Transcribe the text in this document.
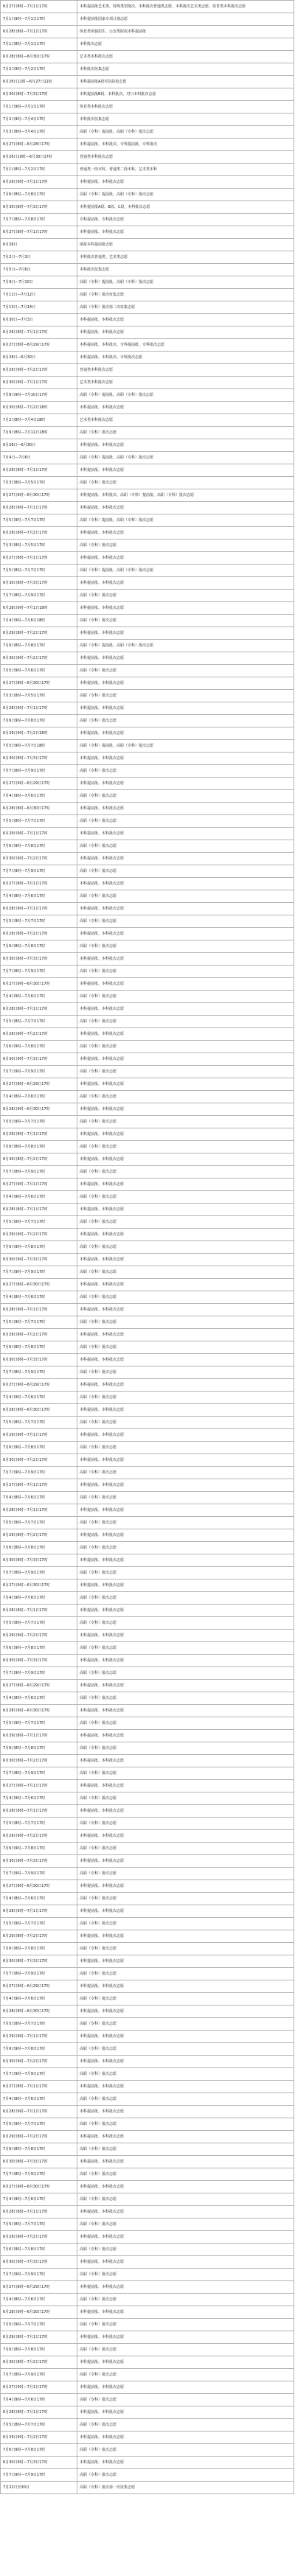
6月27日8时—7月1日17时	本科提前批艺术类、特殊类型批次、本科批次普通类志愿、本科批次艺术类志愿、体育类本科批次志愿
7月1日9时—7月1日17时	本科提前批国家专项计划志愿
6月28日8时—7月1日17时	体育类单独招生、公安类院校本科提前批
7月1日8时—7月1日17时	本科批次志愿
6月28日8时—6月30日17时	艺术类本科批次志愿
7月2日9时—7月2日17时	本科批次征集志愿
6月26日12时—6月27日12时	本科提前批A段军队院校志愿
6月30日8时—7月3日17时	本科提前批B段、本科批次、对口本科批次志愿
7月1日9时—7月1日17时	体育类本科批次志愿
7月2日9时—7月4日17时	本科批次征集志愿
7月3日8时—7月4日17时	高职（专科）提前批、高职（专科）批次志愿
6月27日8时—6月28日17时	本科提前批、本科批次、专科提前批、专科批次
6月26日10时—6月30日17时	普通类本科批次志愿
7月1日8时—7月2日17时	普通类一段本科，普通类二段本科，艺术类本科
6月29日9时—7月1日17时	本科提前批、本科批次志愿
7月6日8时—7月8日17时	高职（专科）提前批、高职（专科）批次志愿
6月30日8时—7月3日17时	本科提前批A段、B段、C段，本科批次志愿
7月7日8时—7月8日17时	专科提前批、专科批次志愿
6月27日8时—7月1日17时	本科提前批、本科批次志愿
6月26日	填报本科提前批志愿
7月2日—7月3日	本科批次普通类、艺术类志愿
7月5日—7月6日	本科批次征集志愿
7月9日—7月10日	高职（专科）提前批、高职（专科）批次志愿
7月11日—7月12日	高职（专科）批次征集志愿
7月13日—7月14日	高职（专科）批次第二次征集志愿
6月30日—7月3日	本科提前批、本科批次志愿
6月26日8时—7月1日17时	本科提前批、本科批次志愿
6月27日8时—6月29日17时	本科提前批、本科批次、专科提前批、专科批次志愿
6月28日—6月30日	本科提前批、本科批次、专科批次志愿
6月29日9时—7月2日17时	普通类本科批次志愿
6月30日9时—7月1日17时	艺术类本科批次志愿
7月8日9时—7月10日17时	高职（专科）提前批、高职（专科）批次志愿
6月30日8时—7月2日18时	本科提前批、本科批次志愿
7月2日8时—7月4日18时	艺术类本科批次志愿
7月9日8时—7月11日18时	高职（专科）批次志愿
6月28日—6月30日	本科提前批、本科批次志愿
7月4日—7月6日	高职（专科）提前批、高职（专科）批次志愿
6月29日8时—7月1日17时	本科提前批、本科批次志愿
7月3日8时—7月5日17时	高职（专科）批次志愿
6月27日9时—6月30日17时	本科提前批、本科批次、高职（专科）提前批、高职（专科）批次志愿
6月28日9时—7月1日17时	本科提前批、本科批次志愿
7月5日9时—7月7日17时	高职（专科）提前批、高职（专科）批次志愿
6月29日8时—7月2日17时	本科提前批、本科批次志愿
7月3日8时—7月5日17时	高职（专科）批次志愿
6月27日8时—7月1日17时	本科提前批、本科批次志愿
7月5日8时—7月7日17时	高职（专科）提前批、高职（专科）批次志愿
6月30日8时—7月3日17时	本科提前批、本科批次志愿
7月7日8时—7月9日17时	高职（专科）批次志愿
6月28日9时—7月1日18时	本科提前批、本科批次志愿
7月4日9时—7月6日18时	高职（专科）批次志愿
6月29日8时—7月2日17时	本科提前批、本科批次志愿
7月6日8时—7月8日17时	高职（专科）提前批、高职（专科）批次志愿
6月30日9时—7月2日17时	本科提前批、本科批次志愿
7月5日9时—7月6日17时	高职（专科）批次志愿
6月27日8时—6月30日17时	本科提前批、本科批次志愿
7月3日8时—7月5日17时	高职（专科）批次志愿
6月28日9时—7月1日17时	本科提前批、本科批次志愿
7月6日9时—7月8日17时	高职（专科）批次志愿
6月29日9时—7月2日18时	本科提前批、本科批次志愿
7月5日9时—7月7日18时	高职（专科）提前批、高职（专科）批次志愿
6月30日8时—7月3日17时	本科提前批、本科批次志愿
7月7日8时—7月9日17时	高职（专科）批次志愿
6月27日9时—6月29日17时	本科提前批、本科批次志愿
7月4日9时—7月6日17时	高职（专科）批次志愿
6月28日8时—6月30日17时	本科提前批、本科批次志愿
7月5日8时—7月7日17时	高职（专科）批次志愿
6月29日9时—7月1日17时	本科提前批、本科批次志愿
7月6日9时—7月8日17时	高职（专科）批次志愿
6月30日9时—7月2日17时	本科提前批、本科批次志愿
7月7日9时—7月9日17时	高职（专科）批次志愿
6月27日8时—7月1日17时	本科提前批、本科批次志愿
7月4日8时—7月6日17时	高职（专科）批次志愿
6月28日9时—7月1日17时	本科提前批、本科批次志愿
7月5日9时—7月7日17时	高职（专科）批次志愿
6月29日8时—7月2日17时	本科提前批、本科批次志愿
7月6日8时—7月8日17时	高职（专科）批次志愿
6月30日8时—7月3日17时	本科提前批、本科批次志愿
7月7日8时—7月9日17时	高职（专科）批次志愿
6月27日9时—6月30日17时	本科提前批、本科批次志愿
7月4日9时—7月6日17时	高职（专科）批次志愿
6月28日8时—7月1日17时	本科提前批、本科批次志愿
7月5日8时—7月7日17时	高职（专科）批次志愿
6月29日9时—7月2日17时	本科提前批、本科批次志愿
7月6日9时—7月8日17时	高职（专科）批次志愿
6月30日9时—7月3日17时	本科提前批、本科批次志愿
7月7日9时—7月9日17时	高职（专科）批次志愿
6月27日8时—6月29日17时	本科提前批、本科批次志愿
7月4日8时—7月6日17时	高职（专科）批次志愿
6月28日9时—6月30日17时	本科提前批、本科批次志愿
7月5日9时—7月7日17时	高职（专科）批次志愿
6月29日8时—7月1日17时	本科提前批、本科批次志愿
7月6日8时—7月8日17时	高职（专科）批次志愿
6月30日8时—7月2日17时	本科提前批、本科批次志愿
7月7日8时—7月9日17时	高职（专科）批次志愿
6月27日9时—7月1日17时	本科提前批、本科批次志愿
7月4日9时—7月6日17时	高职（专科）批次志愿
6月28日8时—7月1日17时	本科提前批、本科批次志愿
7月5日8时—7月7日17时	高职（专科）批次志愿
6月29日9时—7月2日17时	本科提前批、本科批次志愿
7月6日9时—7月8日17时	高职（专科）批次志愿
6月30日9时—7月3日17时	本科提前批、本科批次志愿
7月7日9时—7月9日17时	高职（专科）批次志愿
6月27日8时—6月30日17时	本科提前批、本科批次志愿
7月4日8时—7月6日17时	高职（专科）批次志愿
6月28日9时—7月1日17时	本科提前批、本科批次志愿
7月5日9时—7月7日17时	高职（专科）批次志愿
6月29日8时—7月2日17时	本科提前批、本科批次志愿
7月6日8时—7月8日17时	高职（专科）批次志愿
6月30日8时—7月3日17时	本科提前批、本科批次志愿
7月7日8时—7月9日17时	高职（专科）批次志愿
6月27日9时—6月29日17时	本科提前批、本科批次志愿
7月4日9时—7月6日17时	高职（专科）批次志愿
6月28日8时—6月30日17时	本科提前批、本科批次志愿
7月5日8时—7月7日17时	高职（专科）批次志愿
6月29日9时—7月1日17时	本科提前批、本科批次志愿
7月6日9时—7月8日17时	高职（专科）批次志愿
6月30日9时—7月2日17时	本科提前批、本科批次志愿
7月7日9时—7月9日17时	高职（专科）批次志愿
6月27日8时—7月1日17时	本科提前批、本科批次志愿
7月4日8时—7月6日17时	高职（专科）批次志愿
6月28日9时—7月1日17时	本科提前批、本科批次志愿
7月5日9时—7月7日17时	高职（专科）批次志愿
6月29日8时—7月2日17时	本科提前批、本科批次志愿
7月6日8时—7月8日17时	高职（专科）批次志愿
6月30日8时—7月3日17时	本科提前批、本科批次志愿
7月7日8时—7月9日17时	高职（专科）批次志愿
6月27日9时—6月30日17时	本科提前批、本科批次志愿
7月4日9时—7月6日17时	高职（专科）批次志愿
6月28日8时—7月1日17时	本科提前批、本科批次志愿
7月5日8时—7月7日17时	高职（专科）批次志愿
6月29日9时—7月2日17时	本科提前批、本科批次志愿
7月6日9时—7月8日17时	高职（专科）批次志愿
6月30日9时—7月3日17时	本科提前批、本科批次志愿
7月7日9时—7月9日17时	高职（专科）批次志愿
6月27日8时—6月29日17时	本科提前批、本科批次志愿
7月4日8时—7月6日17时	高职（专科）批次志愿
6月28日9时—6月30日17时	本科提前批、本科批次志愿
7月5日9时—7月7日17时	高职（专科）批次志愿
6月29日8时—7月1日17时	本科提前批、本科批次志愿
7月6日8时—7月8日17时	高职（专科）批次志愿
6月30日8时—7月2日17时	本科提前批、本科批次志愿
7月7日8时—7月9日17时	高职（专科）批次志愿
6月27日9时—7月1日17时	本科提前批、本科批次志愿
7月4日9时—7月6日17时	高职（专科）批次志愿
6月28日8时—7月1日17时	本科提前批、本科批次志愿
7月5日8时—7月7日17时	高职（专科）批次志愿
6月29日9时—7月2日17时	本科提前批、本科批次志愿
7月6日9时—7月8日17时	高职（专科）批次志愿
6月30日9时—7月3日17时	本科提前批、本科批次志愿
7月7日9时—7月9日17时	高职（专科）批次志愿
6月27日8时—6月30日17时	本科提前批、本科批次志愿
7月4日8时—7月6日17时	高职（专科）批次志愿
6月28日9时—7月1日17时	本科提前批、本科批次志愿
7月5日9时—7月7日17时	高职（专科）批次志愿
6月29日8时—7月2日17时	本科提前批、本科批次志愿
7月6日8时—7月8日17时	高职（专科）批次志愿
6月30日8时—7月3日17时	本科提前批、本科批次志愿
7月7日8时—7月9日17时	高职（专科）批次志愿
6月27日9时—6月29日17时	本科提前批、本科批次志愿
7月4日9时—7月6日17时	高职（专科）批次志愿
6月28日8时—6月30日17时	本科提前批、本科批次志愿
7月5日8时—7月7日17时	高职（专科）批次志愿
6月29日9时—7月1日17时	本科提前批、本科批次志愿
7月6日9时—7月8日17时	高职（专科）批次志愿
6月30日9时—7月2日17时	本科提前批、本科批次志愿
7月7日9时—7月9日17时	高职（专科）批次志愿
6月27日8时—7月1日17时	本科提前批、本科批次志愿
7月4日8时—7月6日17时	高职（专科）批次志愿
6月28日9时—7月1日17时	本科提前批、本科批次志愿
7月5日9时—7月7日17时	高职（专科）批次志愿
6月29日8时—7月2日17时	本科提前批、本科批次志愿
7月6日8时—7月8日17时	高职（专科）批次志愿
6月30日8时—7月3日17时	本科提前批、本科批次志愿
7月7日8时—7月9日17时	高职（专科）批次志愿
6月27日9时—6月30日17时	本科提前批、本科批次志愿
7月4日9时—7月6日17时	高职（专科）批次志愿
6月28日8时—7月1日17时	本科提前批、本科批次志愿
7月5日8时—7月7日17时	高职（专科）批次志愿
6月29日9时—7月2日17时	本科提前批、本科批次志愿
7月6日9时—7月8日17时	高职（专科）批次志愿
6月30日9时—7月3日17时	本科提前批、本科批次志愿
7月7日9时—7月9日17时	高职（专科）批次志愿
6月27日8时—6月29日17时	本科提前批、本科批次志愿
7月4日8时—7月6日17时	高职（专科）批次志愿
6月28日9时—6月30日17时	本科提前批、本科批次志愿
7月5日9时—7月7日17时	高职（专科）批次志愿
6月29日8时—7月1日17时	本科提前批、本科批次志愿
7月6日8时—7月8日17时	高职（专科）批次志愿
6月30日8时—7月2日17时	本科提前批、本科批次志愿
7月7日8时—7月9日17时	高职（专科）批次志愿
6月27日9时—7月1日17时	本科提前批、本科批次志愿
7月4日9时—7月6日17时	高职（专科）批次志愿
6月28日8时—7月1日17时	本科提前批、本科批次志愿
7月5日8时—7月7日17时	高职（专科）批次志愿
6月29日9时—7月2日17时	本科提前批、本科批次志愿
7月6日9时—7月8日17时	高职（专科）批次志愿
6月30日9时—7月3日17时	本科提前批、本科批次志愿
7月7日9时—7月9日17时	高职（专科）批次志愿
7月22日至30日	高职（专科）批次第一次征集志愿
